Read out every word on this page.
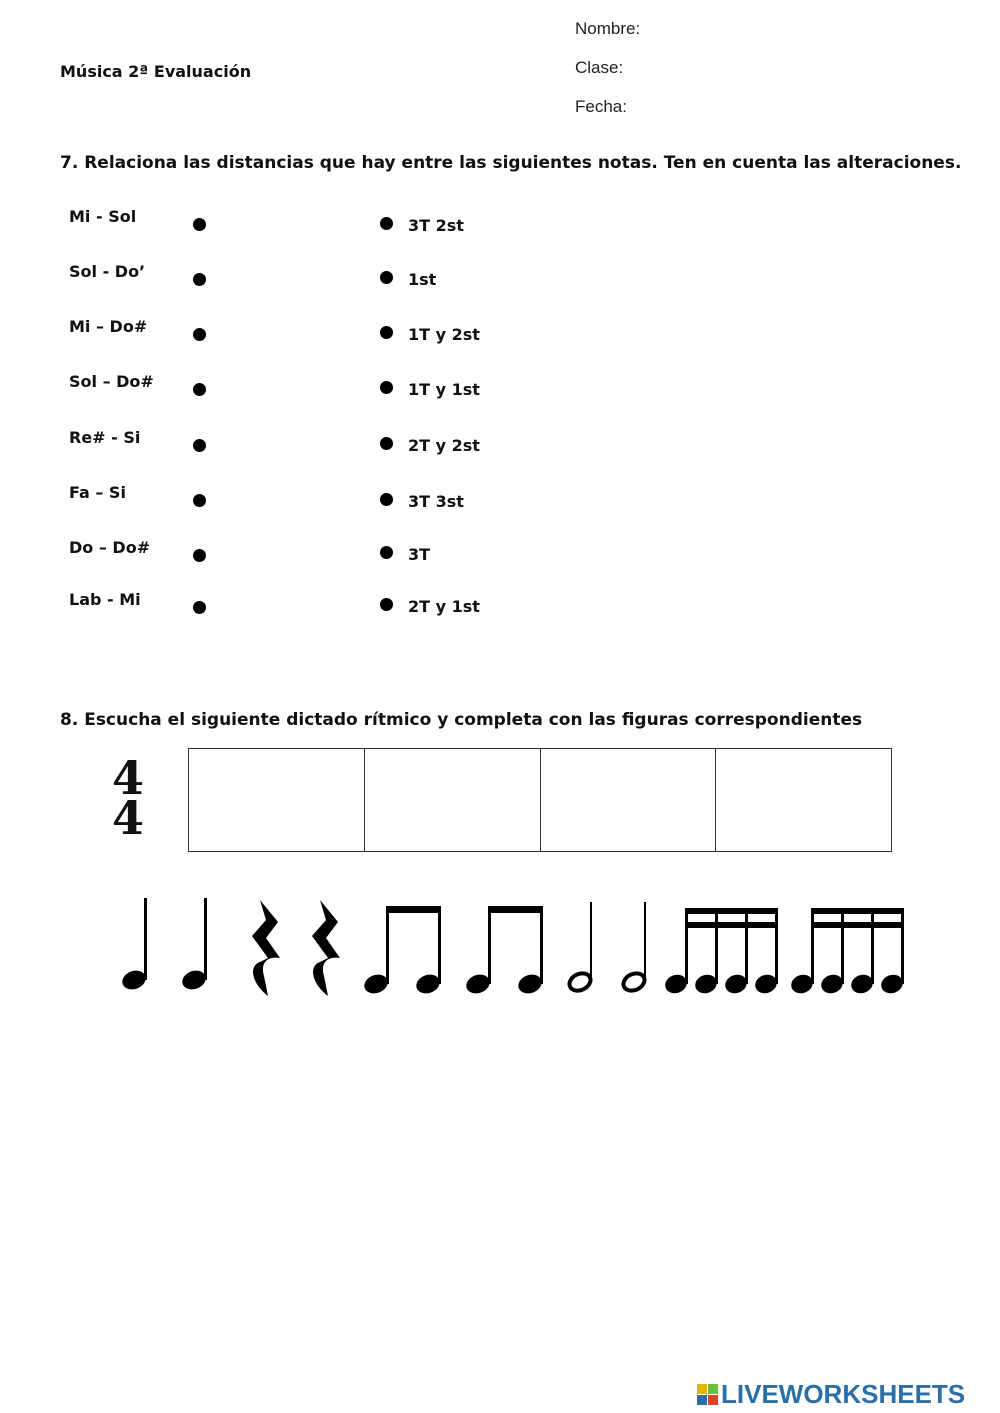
Música 2ª Evaluación
Nombre:
Clase:
Fecha:
7. Relaciona las distancias que hay entre las siguientes notas. Ten en cuenta las alteraciones.
Mi - Sol	3T 2st
Sol - Do’	1st
Mi – Do#	1T y 2st
Sol – Do#	1T y 1st
Re# - Si	2T y 2st
Fa – Si	3T 3st
Do – Do#	3T
Lab - Mi	2T y 1st
8. Escucha el siguiente dictado rítmico y completa con las figuras correspondientes
4
4
LIVEWORKSHEETS
